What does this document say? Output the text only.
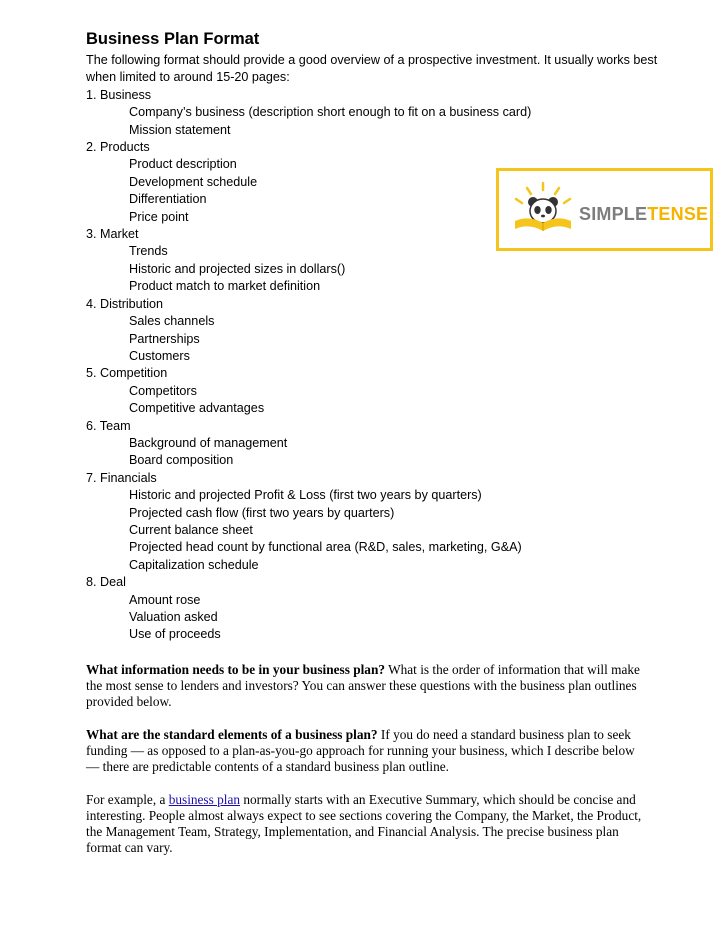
Business Plan Format
The following format should provide a good overview of a prospective investment. It usually works best when limited to around 15-20 pages:
1. Business
Company’s business (description short enough to fit on a business card)
Mission statement
2. Products
Product description
Development schedule
Differentiation
Price point
3. Market
Trends
Historic and projected sizes in dollars()
Product match to market definition
4. Distribution
Sales channels
Partnerships
Customers
5. Competition
Competitors
Competitive advantages
6. Team
Background of management
Board composition
7. Financials
Historic and projected Profit & Loss (first two years by quarters)
Projected cash flow (first two years by quarters)
Current balance sheet
Projected head count by functional area (R&D, sales, marketing, G&A)
Capitalization schedule
8. Deal
Amount rose
Valuation asked
Use of proceeds

What information needs to be in your business plan? What is the order of information that will make the most sense to lenders and investors? You can answer these questions with the business plan outlines provided below.

What are the standard elements of a business plan? If you do need a standard business plan to seek funding — as opposed to a plan-as-you-go approach for running your business, which I describe below — there are predictable contents of a standard business plan outline.

For example, a business plan normally starts with an Executive Summary, which should be concise and interesting. People almost always expect to see sections covering the Company, the Market, the Product, the Management Team, Strategy, Implementation, and Financial Analysis. The precise business plan format can vary.

SIMPLETENSE
